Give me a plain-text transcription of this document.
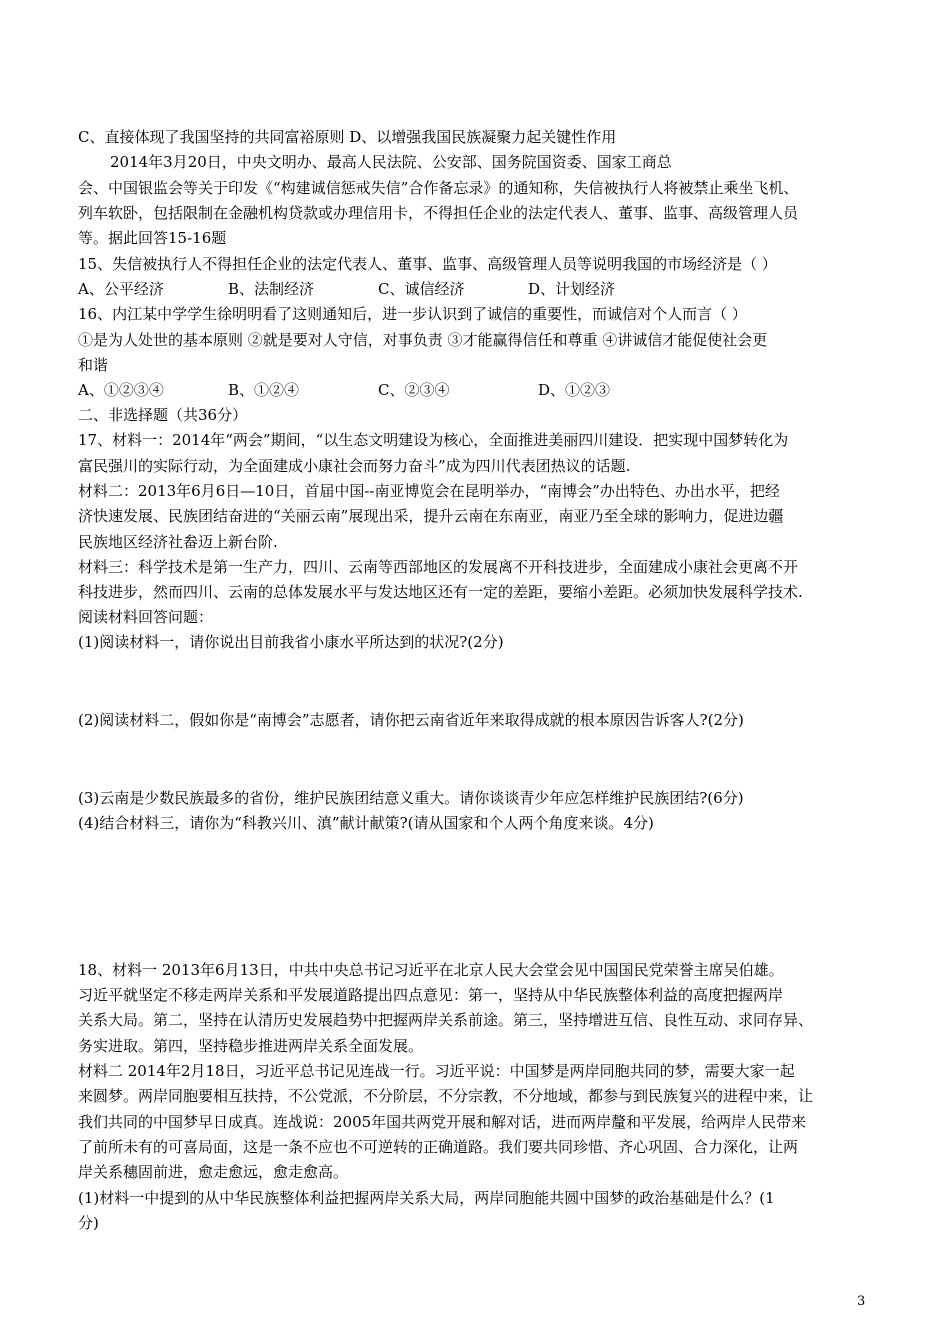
C、直接体现了我国坚持的共同富裕原则 D、以增强我国民族凝聚力起关键性作用
2014年3月20日，中央文明办、最高人民法院、公安部、国务院国资委、国家工商总
会、中国银监会等关于印发《“构建诚信惩戒失信”合作备忘录》的通知称，失信被执行人将被禁止乘坐飞机、
列车软卧，包括限制在金融机构贷款或办理信用卡，不得担任企业的法定代表人、董事、监事、高级管理人员
等。据此回答15-16题
15、失信被执行人不得担任企业的法定代表人、董事、监事、高级管理人员等说明我国的市场经济是（ ）
A、公平经济	B、法制经济	C、诚信经济	D、计划经济
16、内江某中学学生徐明明看了这则通知后，进一步认识到了诚信的重要性，而诚信对个人而言（ ）
①是为人处世的基本原则 ②就是要对人守信，对事负责 ③才能赢得信任和尊重 ④讲诚信才能促使社会更
和谐
A、①②③④	B、①②④	C、②③④	D、①②③
二、非选择题（共36分）
17、材料一：2014年“两会”期间，“以生态文明建设为核心，全面推进美丽四川建设．把实现中国梦转化为
富民强川的实际行动，为全面建成小康社会而努力奋斗”成为四川代表团热议的话题.
材料二：2013年6月6日—10日，首届中国--南亚博览会在昆明举办，“南博会”办出特色、办出水平，把经
济快速发展、民族团结奋进的“关丽云南”展现出采，提升云南在东南亚，南亚乃至全球的影响力，促进边疆
民族地区经济社畚迈上新台阶.
材料三：科学技术是第一生产力，四川、云南等西部地区的发展离不开科技进步，全面建成小康社会更离不开
科技进步，然而四川、云南的总体发展水平与发达地区还有一定的差距，要缩小差距。必须加快发展科学技术.
阅读材料回答问题：
(1)阅读材料一，请你说出目前我省小康水平所达到的状况?(2分)
(2)阅读材料二，假如你是“南博会”志愿者，请你把云南省近年来取得成就的根本原因告诉客人?(2分)
(3)云南是少数民族最多的省份，维护民族团结意义重大。请你谈谈青少年应怎样维护民族团结?(6分)
(4)结合材料三，请你为“科教兴川、滇”献计献策?(请从国家和个人两个角度来谈。4分)
18、材料一 2013年6月13日，中共中央总书记习近平在北京人民大会堂会见中国国民党荣誉主席吴伯雄。
习近平就坚定不移走两岸关系和平发展道路提出四点意见：第一，坚持从中华民族整体利益的高度把握两岸
关系大局。第二，坚持在认清历史发展趋势中把握两岸关系前途。第三，坚持增进互信、良性互动、求同存异、
务实进取。第四，坚持稳步推进两岸关系全面发展。
材料二 2014年2月18日，习近平总书记见连战一行。习近平说：中国梦是两岸同胞共同的梦，需要大家一起
来圆梦。两岸同胞要相互扶持，不公党派，不分阶层，不分宗教，不分地域，都参与到民族复兴的进程中来，让
我们共同的中国梦早日成真。连战说：2005年国共两党开展和解对话，进而两岸釐和平发展，给两岸人民带来
了前所未有的可喜局面，这是一条不应也不可逆转的正确道路。我们要共同珍惜、齐心巩固、合力深化，让两
岸关系穗固前进，愈走愈远，愈走愈高。
(1)材料一中提到的从中华民族整体利益把握两岸关系大局，两岸同胞能共圆中国梦的政治基础是什么？(1
分)
3
